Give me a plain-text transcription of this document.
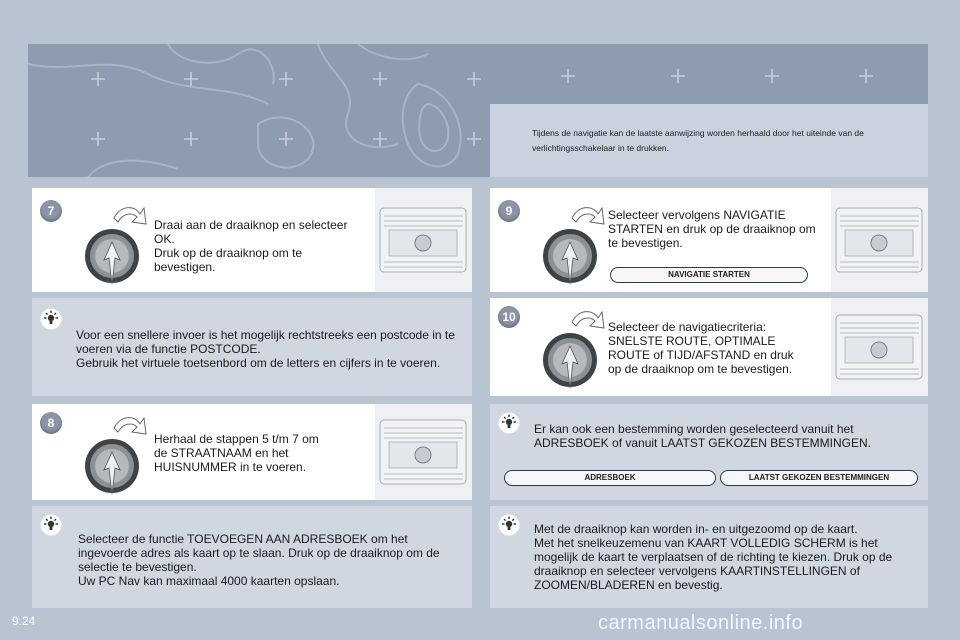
Tijdens de navigatie kan de laatste aanwijzing worden herhaald door het uiteinde van de verlichtingsschakelaar in te drukken.

7
Draai aan de draaiknop en selecteer OK.
Druk op de draaiknop om te bevestigen.
Voor een snellere invoer is het mogelijk rechtstreeks een postcode in te voeren via de functie POSTCODE.
Gebruik het virtuele toetsenbord om de letters en cijfers in te voeren.
8
Herhaal de stappen 5 t/m 7 om de STRAATNAAM en het HUISNUMMER in te voeren.
Selecteer de functie TOEVOEGEN AAN ADRESBOEK om het ingevoerde adres als kaart op te slaan. Druk op de draaiknop om de selectie te bevestigen.
Uw PC Nav kan maximaal 4000 kaarten opslaan.
9	Selecteer vervolgens NAVIGATIE STARTEN en druk op de draaiknop om te bevestigen.
NAVIGATIE STARTEN
10
Selecteer de navigatiecriteria: SNELSTE ROUTE, OPTIMALE ROUTE of TIJD/AFSTAND en druk op de draaiknop om te bevestigen.
Er kan ook een bestemming worden geselecteerd vanuit het ADRESBOEK of vanuit LAATST GEKOZEN BESTEMMINGEN.
ADRESBOEK	LAATST GEKOZEN BESTEMMINGEN
Met de draaiknop kan worden in- en uitgezoomd op de kaart.
Met het snelkeuzemenu van KAART VOLLEDIG SCHERM is het mogelijk de kaart te verplaatsen of de richting te kiezen. Druk op de draaiknop en selecteer vervolgens KAARTINSTELLINGEN of ZOOMEN/BLADEREN en bevestig.
9.24	carmanualsonline.info
